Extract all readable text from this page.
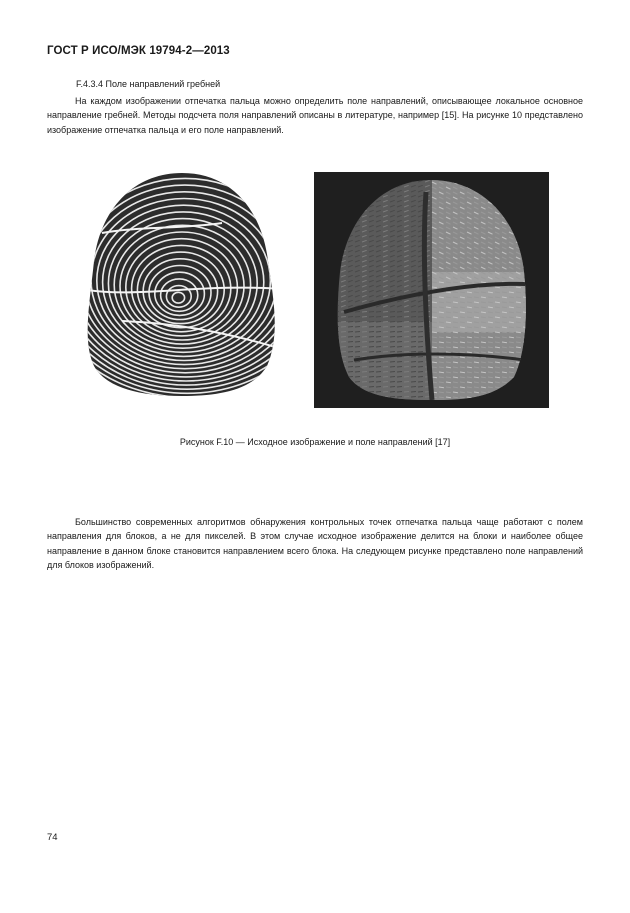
ГОСТ Р ИСО/МЭК 19794-2—2013
F.4.3.4 Поле направлений гребней
На каждом изображении отпечатка пальца можно определить поле направлений, описывающее локальное основное направление гребней. Методы подсчета поля направлений описаны в литературе, например [15]. На рисунке 10 представлено изображение отпечатка пальца и его поле направлений.
Рисунок F.10 — Исходное изображение и поле направлений [17]
Большинство современных алгоритмов обнаружения контрольных точек отпечатка пальца чаще работают с полем направления для блоков, а не для пикселей. В этом случае исходное изображение делится на блоки и наиболее общее направление в данном блоке становится направлением всего блока. На следующем рисунке представлено поле направлений для блоков изображений.
74
